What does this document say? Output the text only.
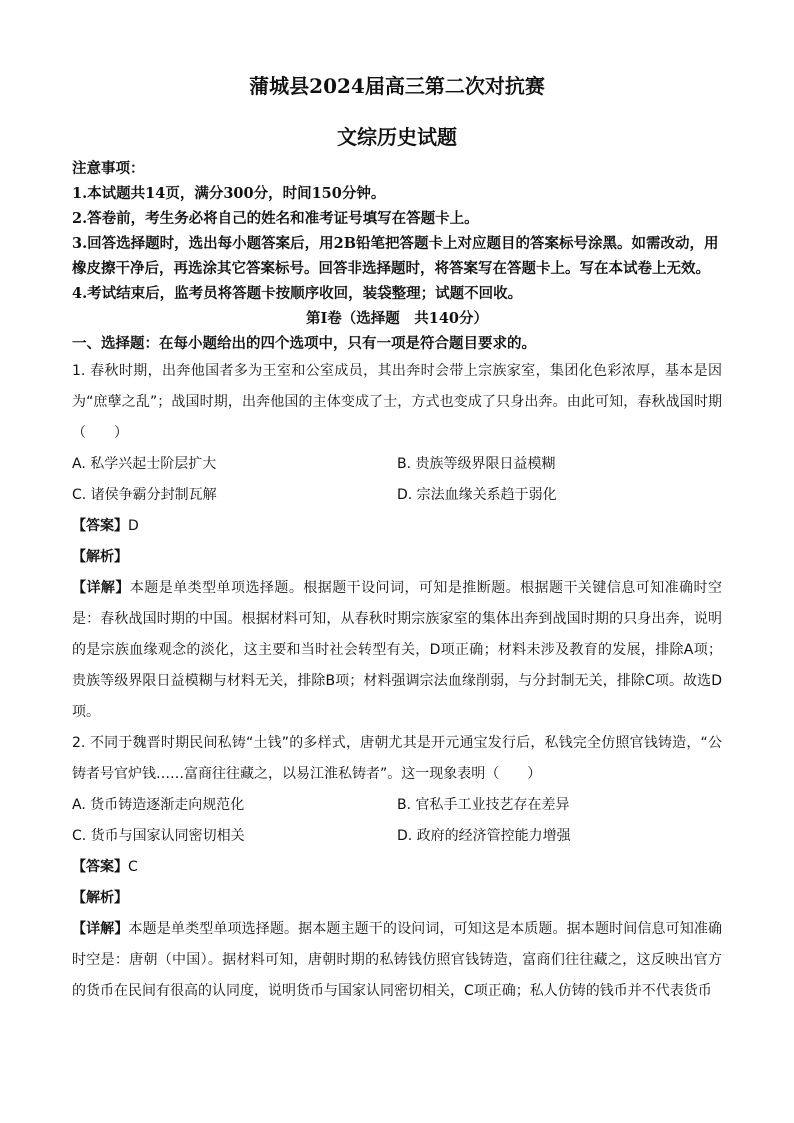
蒲城县2024届高三第二次对抗赛
文综历史试题
注意事项：
1.本试题共14页，满分300分，时间150分钟。
2.答卷前，考生务必将自己的姓名和准考证号填写在答题卡上。
3.回答选择题时，选出每小题答案后，用2B铅笔把答题卡上对应题目的答案标号涂黑。如需改动，用橡皮擦干净后，再选涂其它答案标号。回答非选择题时，将答案写在答题卡上。写在本试卷上无效。
4.考试结束后，监考员将答题卡按顺序收回，装袋整理；试题不回收。
第Ⅰ卷（选择题　共140分）
一、选择题：在每小题给出的四个选项中，只有一项是符合题目要求的。
1. 春秋时期，出奔他国者多为王室和公室成员，其出奔时会带上宗族家室，集团化色彩浓厚，基本是因为“庶孽之乱”；战国时期，出奔他国的主体变成了士，方式也变成了只身出奔。由此可知，春秋战国时期（　　）
A. 私学兴起士阶层扩大	B. 贵族等级界限日益模糊
C. 诸侯争霸分封制瓦解	D. 宗法血缘关系趋于弱化
【答案】D
【解析】
【详解】本题是单类型单项选择题。根据题干设问词，可知是推断题。根据题干关键信息可知准确时空是：春秋战国时期的中国。根据材料可知，从春秋时期宗族家室的集体出奔到战国时期的只身出奔，说明的是宗族血缘观念的淡化，这主要和当时社会转型有关，D项正确；材料未涉及教育的发展，排除A项；贵族等级界限日益模糊与材料无关，排除B项；材料强调宗法血缘削弱，与分封制无关，排除C项。故选D项。
2. 不同于魏晋时期民间私铸“土钱”的多样式，唐朝尤其是开元通宝发行后，私钱完全仿照官钱铸造，“公铸者号官炉钱……富商往往藏之，以易江淮私铸者”。这一现象表明（　　）
A. 货币铸造逐渐走向规范化	B. 官私手工业技艺存在差异
C. 货币与国家认同密切相关	D. 政府的经济管控能力增强
【答案】C
【解析】
【详解】本题是单类型单项选择题。据本题主题干的设问词，可知这是本质题。据本题时间信息可知准确时空是：唐朝（中国）。据材料可知，唐朝时期的私铸钱仿照官钱铸造，富商们往往藏之，这反映出官方的货币在民间有很高的认同度，说明货币与国家认同密切相关，C项正确；私人仿铸的钱币并不代表货币
